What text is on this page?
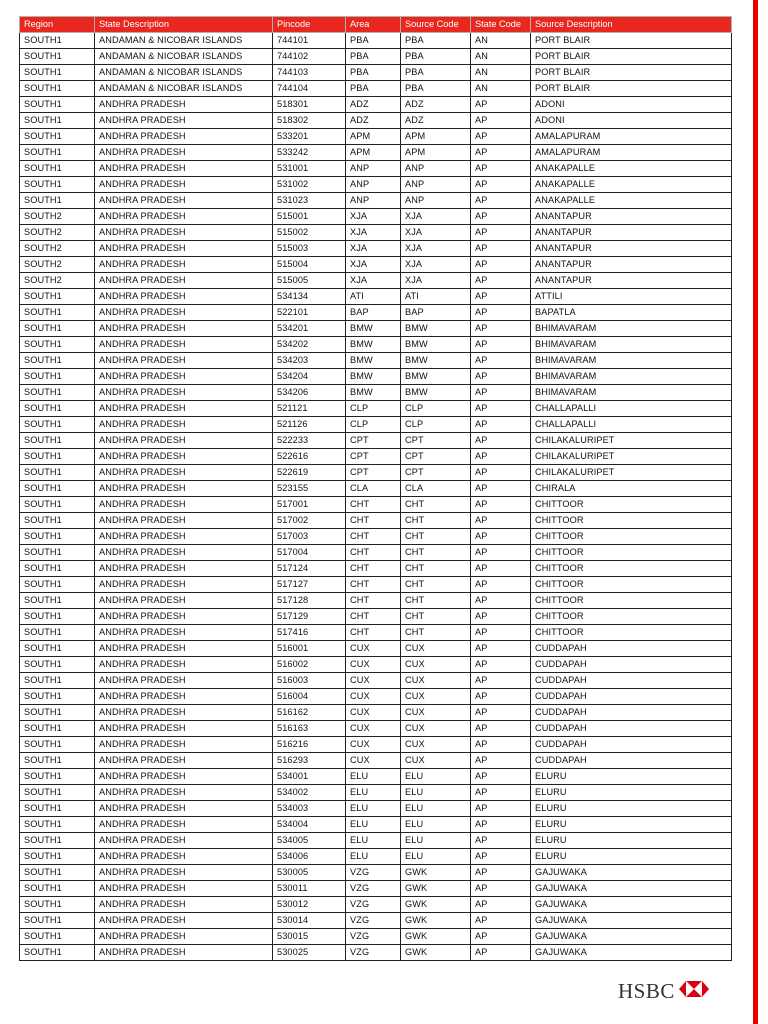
Region	State Description	Pincode	Area	Source Code	State Code	Source Description
SOUTH1	ANDAMAN & NICOBAR ISLANDS	744101	PBA	PBA	AN	PORT BLAIR
SOUTH1	ANDAMAN & NICOBAR ISLANDS	744102	PBA	PBA	AN	PORT BLAIR
SOUTH1	ANDAMAN & NICOBAR ISLANDS	744103	PBA	PBA	AN	PORT BLAIR
SOUTH1	ANDAMAN & NICOBAR ISLANDS	744104	PBA	PBA	AN	PORT BLAIR
SOUTH1	ANDHRA PRADESH	518301	ADZ	ADZ	AP	ADONI
SOUTH1	ANDHRA PRADESH	518302	ADZ	ADZ	AP	ADONI
SOUTH1	ANDHRA PRADESH	533201	APM	APM	AP	AMALAPURAM
SOUTH1	ANDHRA PRADESH	533242	APM	APM	AP	AMALAPURAM
SOUTH1	ANDHRA PRADESH	531001	ANP	ANP	AP	ANAKAPALLE
SOUTH1	ANDHRA PRADESH	531002	ANP	ANP	AP	ANAKAPALLE
SOUTH1	ANDHRA PRADESH	531023	ANP	ANP	AP	ANAKAPALLE
SOUTH2	ANDHRA PRADESH	515001	XJA	XJA	AP	ANANTAPUR
SOUTH2	ANDHRA PRADESH	515002	XJA	XJA	AP	ANANTAPUR
SOUTH2	ANDHRA PRADESH	515003	XJA	XJA	AP	ANANTAPUR
SOUTH2	ANDHRA PRADESH	515004	XJA	XJA	AP	ANANTAPUR
SOUTH2	ANDHRA PRADESH	515005	XJA	XJA	AP	ANANTAPUR
SOUTH1	ANDHRA PRADESH	534134	ATI	ATI	AP	ATTILI
SOUTH1	ANDHRA PRADESH	522101	BAP	BAP	AP	BAPATLA
SOUTH1	ANDHRA PRADESH	534201	BMW	BMW	AP	BHIMAVARAM
SOUTH1	ANDHRA PRADESH	534202	BMW	BMW	AP	BHIMAVARAM
SOUTH1	ANDHRA PRADESH	534203	BMW	BMW	AP	BHIMAVARAM
SOUTH1	ANDHRA PRADESH	534204	BMW	BMW	AP	BHIMAVARAM
SOUTH1	ANDHRA PRADESH	534206	BMW	BMW	AP	BHIMAVARAM
SOUTH1	ANDHRA PRADESH	521121	CLP	CLP	AP	CHALLAPALLI
SOUTH1	ANDHRA PRADESH	521126	CLP	CLP	AP	CHALLAPALLI
SOUTH1	ANDHRA PRADESH	522233	CPT	CPT	AP	CHILAKALURIPET
SOUTH1	ANDHRA PRADESH	522616	CPT	CPT	AP	CHILAKALURIPET
SOUTH1	ANDHRA PRADESH	522619	CPT	CPT	AP	CHILAKALURIPET
SOUTH1	ANDHRA PRADESH	523155	CLA	CLA	AP	CHIRALA
SOUTH1	ANDHRA PRADESH	517001	CHT	CHT	AP	CHITTOOR
SOUTH1	ANDHRA PRADESH	517002	CHT	CHT	AP	CHITTOOR
SOUTH1	ANDHRA PRADESH	517003	CHT	CHT	AP	CHITTOOR
SOUTH1	ANDHRA PRADESH	517004	CHT	CHT	AP	CHITTOOR
SOUTH1	ANDHRA PRADESH	517124	CHT	CHT	AP	CHITTOOR
SOUTH1	ANDHRA PRADESH	517127	CHT	CHT	AP	CHITTOOR
SOUTH1	ANDHRA PRADESH	517128	CHT	CHT	AP	CHITTOOR
SOUTH1	ANDHRA PRADESH	517129	CHT	CHT	AP	CHITTOOR
SOUTH1	ANDHRA PRADESH	517416	CHT	CHT	AP	CHITTOOR
SOUTH1	ANDHRA PRADESH	516001	CUX	CUX	AP	CUDDAPAH
SOUTH1	ANDHRA PRADESH	516002	CUX	CUX	AP	CUDDAPAH
SOUTH1	ANDHRA PRADESH	516003	CUX	CUX	AP	CUDDAPAH
SOUTH1	ANDHRA PRADESH	516004	CUX	CUX	AP	CUDDAPAH
SOUTH1	ANDHRA PRADESH	516162	CUX	CUX	AP	CUDDAPAH
SOUTH1	ANDHRA PRADESH	516163	CUX	CUX	AP	CUDDAPAH
SOUTH1	ANDHRA PRADESH	516216	CUX	CUX	AP	CUDDAPAH
SOUTH1	ANDHRA PRADESH	516293	CUX	CUX	AP	CUDDAPAH
SOUTH1	ANDHRA PRADESH	534001	ELU	ELU	AP	ELURU
SOUTH1	ANDHRA PRADESH	534002	ELU	ELU	AP	ELURU
SOUTH1	ANDHRA PRADESH	534003	ELU	ELU	AP	ELURU
SOUTH1	ANDHRA PRADESH	534004	ELU	ELU	AP	ELURU
SOUTH1	ANDHRA PRADESH	534005	ELU	ELU	AP	ELURU
SOUTH1	ANDHRA PRADESH	534006	ELU	ELU	AP	ELURU
SOUTH1	ANDHRA PRADESH	530005	VZG	GWK	AP	GAJUWAKA
SOUTH1	ANDHRA PRADESH	530011	VZG	GWK	AP	GAJUWAKA
SOUTH1	ANDHRA PRADESH	530012	VZG	GWK	AP	GAJUWAKA
SOUTH1	ANDHRA PRADESH	530014	VZG	GWK	AP	GAJUWAKA
SOUTH1	ANDHRA PRADESH	530015	VZG	GWK	AP	GAJUWAKA
SOUTH1	ANDHRA PRADESH	530025	VZG	GWK	AP	GAJUWAKA
HSBC
